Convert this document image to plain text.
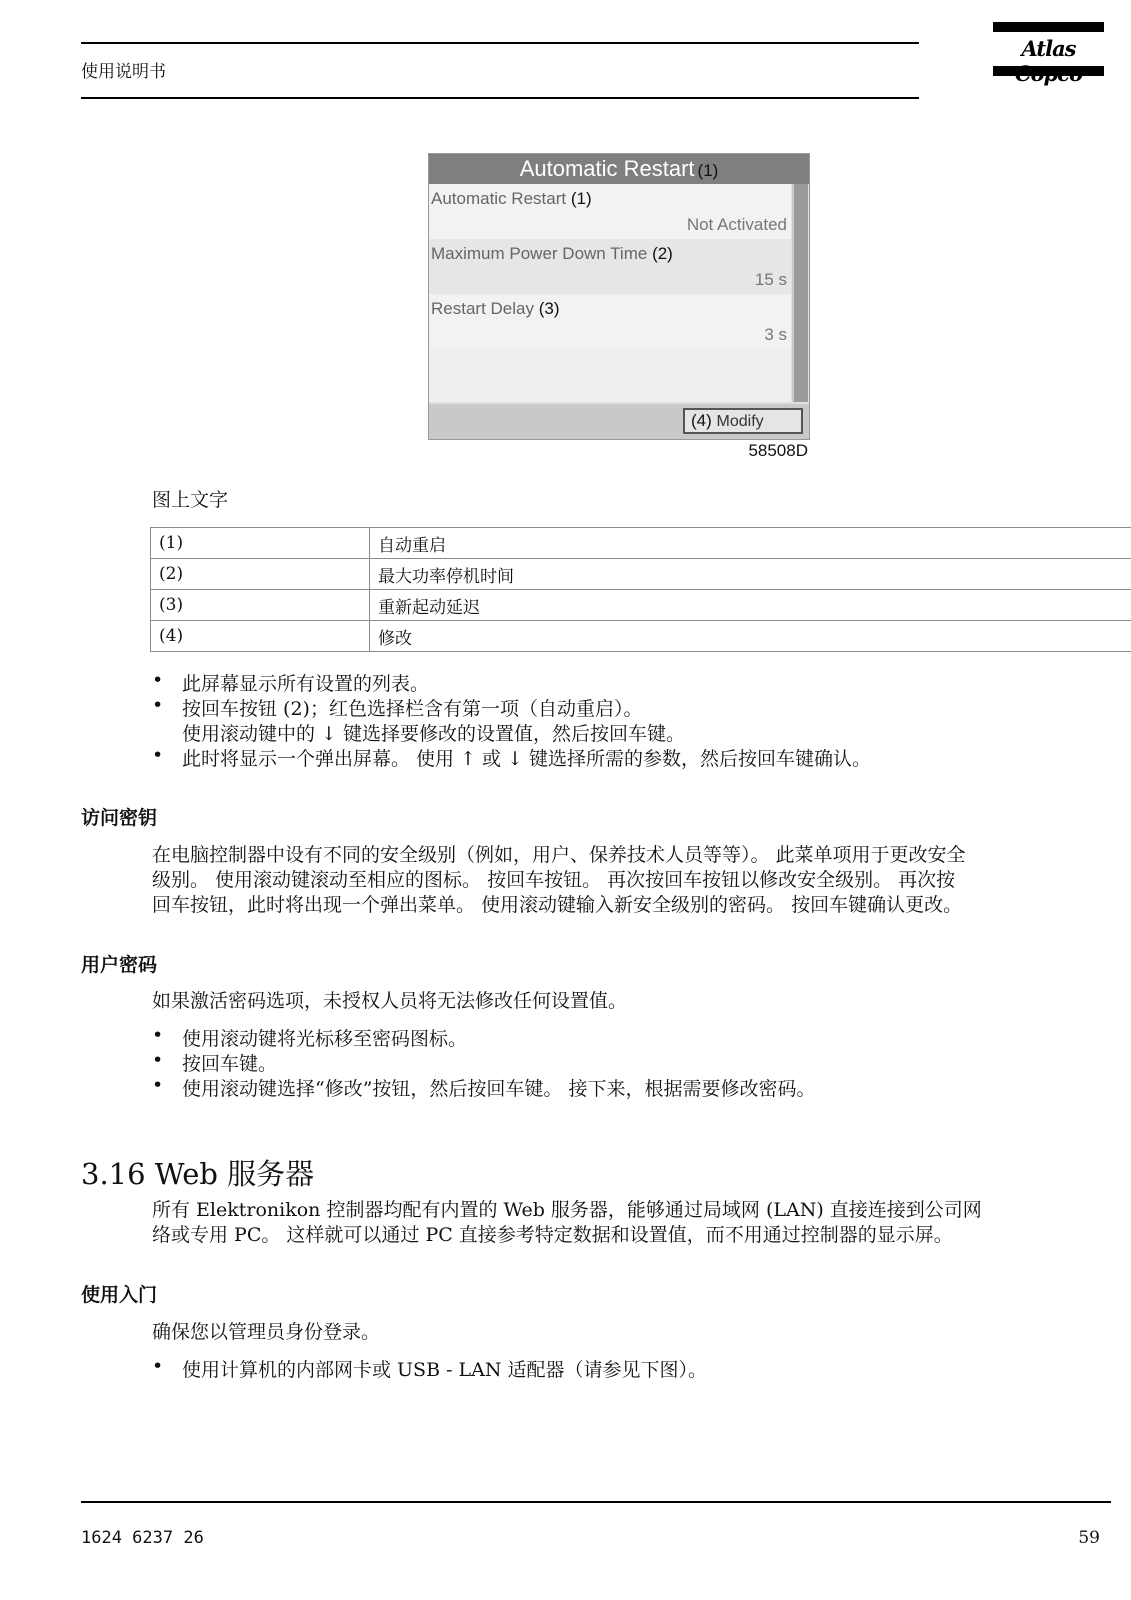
使用说明书
Atlas
Automatic Restart (1)
Automatic Restart (1)
Not Activated
Maximum Power Down Time (2)
15 s
Restart Delay (3)
3 s
(4) Modify
58508D
图上文字
(1)	自动重启
(2)	最大功率停机时间
(3)	重新起动延迟
(4)	修改
• 此屏幕显示所有设置的列表。
• 按回车按钮 (2)；红色选择栏含有第一项（自动重启）。
使用滚动键中的 ↓ 键选择要修改的设置值，然后按回车键。
• 此时将显示一个弹出屏幕。 使用 ↑ 或 ↓ 键选择所需的参数，然后按回车键确认。
访问密钥
在电脑控制器中设有不同的安全级别（例如，用户、保养技术人员等等）。 此菜单项用于更改安全
级别。 使用滚动键滚动至相应的图标。 按回车按钮。 再次按回车按钮以修改安全级别。 再次按
回车按钮，此时将出现一个弹出菜单。 使用滚动键输入新安全级别的密码。 按回车键确认更改。
用户密码
如果激活密码选项，未授权人员将无法修改任何设置值。
• 使用滚动键将光标移至密码图标。
• 按回车键。
• 使用滚动键选择“修改”按钮，然后按回车键。 接下来，根据需要修改密码。
3.16 Web 服务器
所有 Elektronikon 控制器均配有内置的 Web 服务器，能够通过局域网 (LAN) 直接连接到公司网
络或专用 PC。 这样就可以通过 PC 直接参考特定数据和设置值，而不用通过控制器的显示屏。
使用入门
确保您以管理员身份登录。
• 使用计算机的内部网卡或 USB - LAN 适配器（请参见下图）。
1624 6237 26	59
